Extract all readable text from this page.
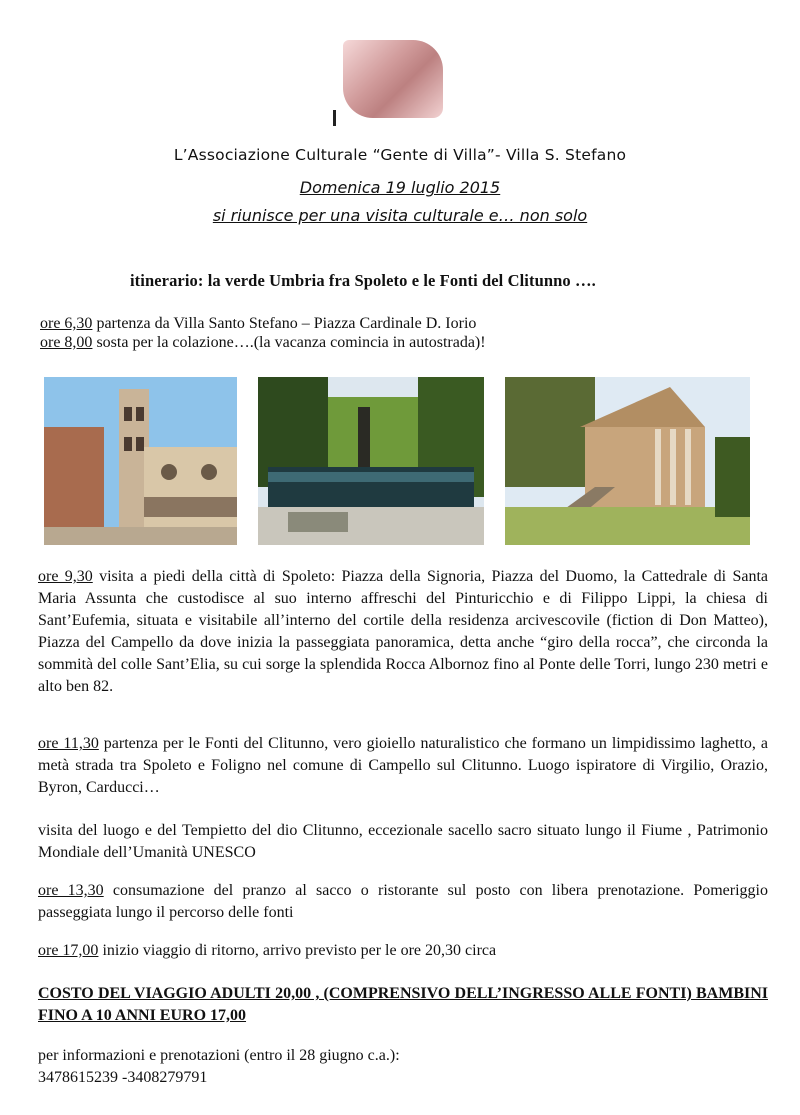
L’Associazione Culturale “Gente di Villa”- Villa S. Stefano
Domenica 19 luglio 2015
si riunisce per una visita culturale e… non solo
itinerario: la verde Umbria fra Spoleto e le Fonti del Clitunno ….
ore 6,30 partenza da Villa Santo Stefano – Piazza Cardinale D. Iorio
ore 8,00 sosta per la colazione….(la vacanza comincia in autostrada)!
ore 9,30 visita a piedi della città di Spoleto: Piazza della Signoria, Piazza del Duomo, la Cattedrale di Santa Maria Assunta che custodisce al suo interno affreschi del Pinturicchio e di Filippo Lippi, la chiesa di Sant’Eufemia, situata e visitabile all’interno del cortile della residenza arcivescovile (fiction di Don Matteo), Piazza del Campello da dove inizia la passeggiata panoramica, detta anche “giro della rocca”, che circonda la sommità del colle Sant’Elia, su cui sorge la splendida Rocca Albornoz fino al Ponte delle Torri, lungo 230 metri e alto ben 82.
ore 11,30 partenza per le Fonti del Clitunno, vero gioiello naturalistico che formano un limpidissimo laghetto, a metà strada tra Spoleto e Foligno nel comune di Campello sul Clitunno. Luogo ispiratore di Virgilio, Orazio, Byron, Carducci…
visita del luogo e del Tempietto del dio Clitunno, eccezionale sacello sacro situato lungo il Fiume , Patrimonio Mondiale dell’Umanità UNESCO
ore 13,30 consumazione del pranzo al sacco o ristorante sul posto con libera prenotazione. Pomeriggio passeggiata lungo il percorso delle fonti
ore 17,00 inizio viaggio di ritorno, arrivo previsto per le ore 20,30 circa
COSTO DEL VIAGGIO ADULTI 20,00 , (COMPRENSIVO DELL’INGRESSO ALLE FONTI) BAMBINI FINO A 10 ANNI EURO 17,00
per informazioni e prenotazioni (entro il 28 giugno c.a.):
3478615239 -3408279791
